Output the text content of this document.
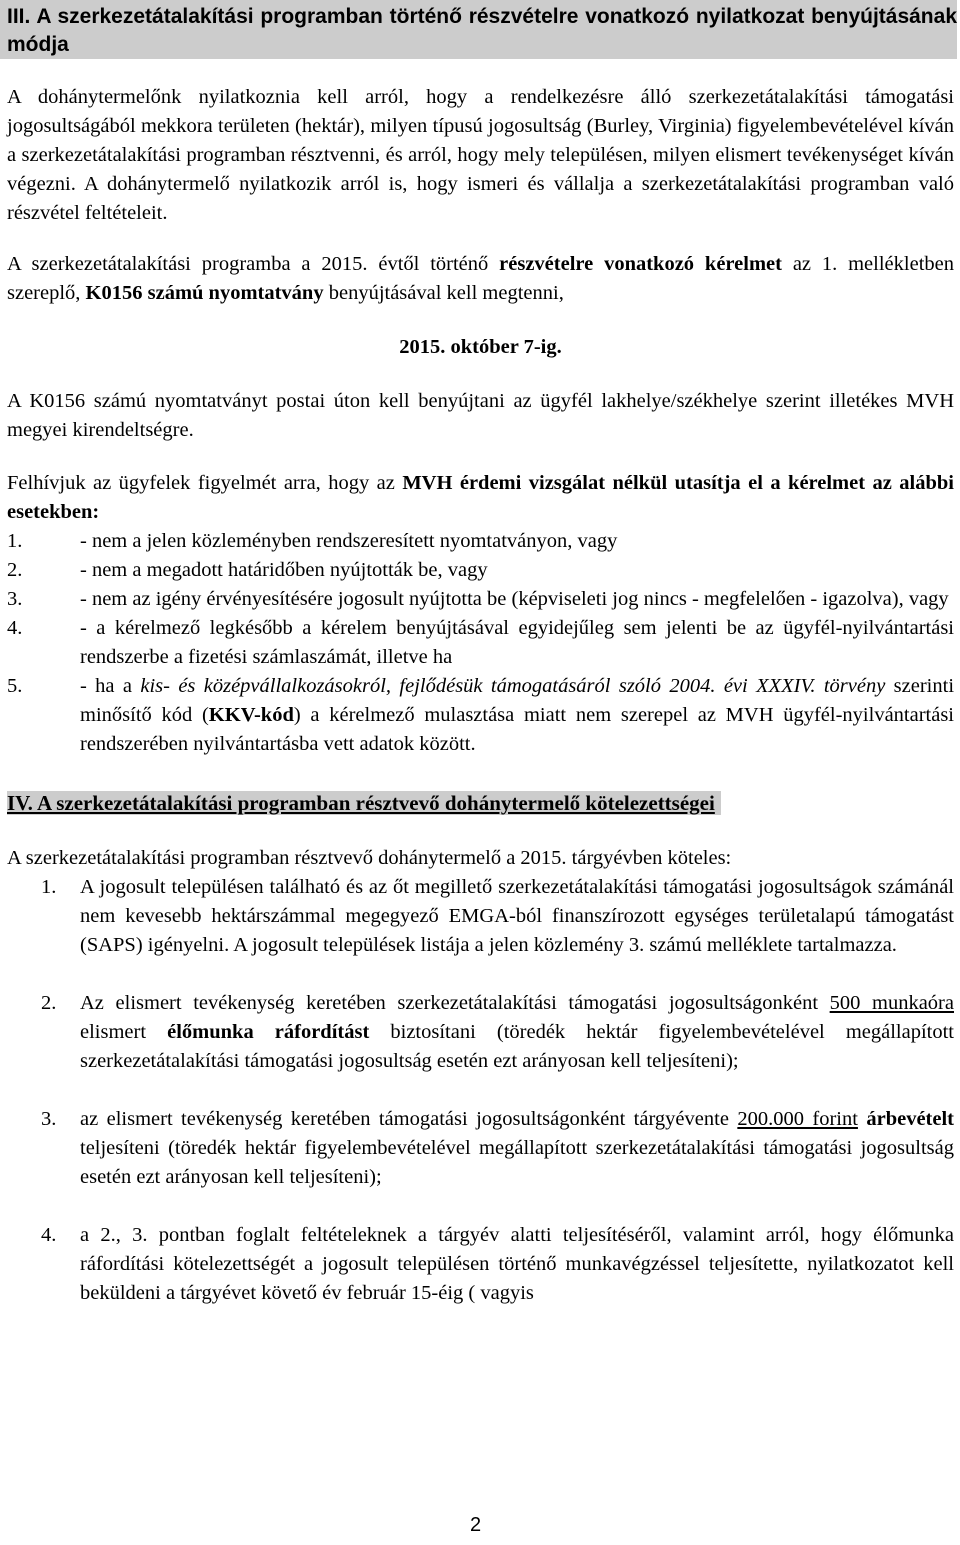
III. A szerkezetátalakítási programban történő részvételre vonatkozó nyilatkozat benyújtásának módja

A dohánytermelőnk nyilatkoznia kell arról, hogy a rendelkezésre álló szerkezetátalakítási támogatási jogosultságából mekkora területen (hektár), milyen típusú jogosultság (Burley, Virginia) figyelembevételével kíván a szerkezetátalakítási programban résztvenni, és arról, hogy mely településen, milyen elismert tevékenységet kíván végezni. A dohánytermelő nyilatkozik arról is, hogy ismeri és vállalja a szerkezetátalakítási programban való részvétel feltételeit.

A szerkezetátalakítási programba a 2015. évtől történő részvételre vonatkozó kérelmet az 1. mellékletben szereplő, K0156 számú nyomtatvány benyújtásával kell megtenni,

2015. október 7-ig.

A K0156 számú nyomtatványt postai úton kell benyújtani az ügyfél lakhelye/székhelye szerint illetékes MVH megyei kirendeltségre.

Felhívjuk az ügyfelek figyelmét arra, hogy az MVH érdemi vizsgálat nélkül utasítja el a kérelmet az alábbi esetekben:

1.	- nem a jelen közleményben rendszeresített nyomtatványon, vagy
2.	- nem a megadott határidőben nyújtották be, vagy
3.	- nem az igény érvényesítésére jogosult nyújtotta be (képviseleti jog nincs - megfelelően - igazolva), vagy
4.	- a kérelmező legkésőbb a kérelem benyújtásával egyidejűleg sem jelenti be az ügyfél-nyilvántartási rendszerbe a fizetési számlaszámát, illetve ha
5.	- ha a kis- és középvállalkozásokról, fejlődésük támogatásáról szóló 2004. évi XXXIV. törvény szerinti minősítő kód (KKV-kód) a kérelmező mulasztása miatt nem szerepel az MVH ügyfél-nyilvántartási rendszerében nyilvántartásba vett adatok között.
IV. A szerkezetátalakítási programban résztvevő dohánytermelő kötelezettségei

A szerkezetátalakítási programban résztvevő dohánytermelő a 2015. tárgyévben köteles:

1. A jogosult településen található és az őt megillető szerkezetátalakítási támogatási jogosultságok számánál nem kevesebb hektárszámmal megegyező EMGA-ból finanszírozott egységes területalapú támogatást (SAPS) igényelni. A jogosult települések listája a jelen közlemény 3. számú melléklete tartalmazza.
2. Az elismert tevékenység keretében szerkezetátalakítási támogatási jogosultságonként 500 munkaóra elismert élőmunka ráfordítást biztosítani (töredék hektár figyelembevételével megállapított szerkezetátalakítási támogatási jogosultság esetén ezt arányosan kell teljesíteni);
3. az elismert tevékenység keretében támogatási jogosultságonként tárgyévente 200.000 forint árbevételt teljesíteni (töredék hektár figyelembevételével megállapított szerkezetátalakítási támogatási jogosultság esetén ezt arányosan kell teljesíteni);
4. a 2., 3. pontban foglalt feltételeknek a tárgyév alatti teljesítéséről, valamint arról, hogy élőmunka ráfordítási kötelezettségét a jogosult településen történő munkavégzéssel teljesítette, nyilatkozatot kell beküldeni a tárgyévet követő év február 15-éig ( vagyis
2
